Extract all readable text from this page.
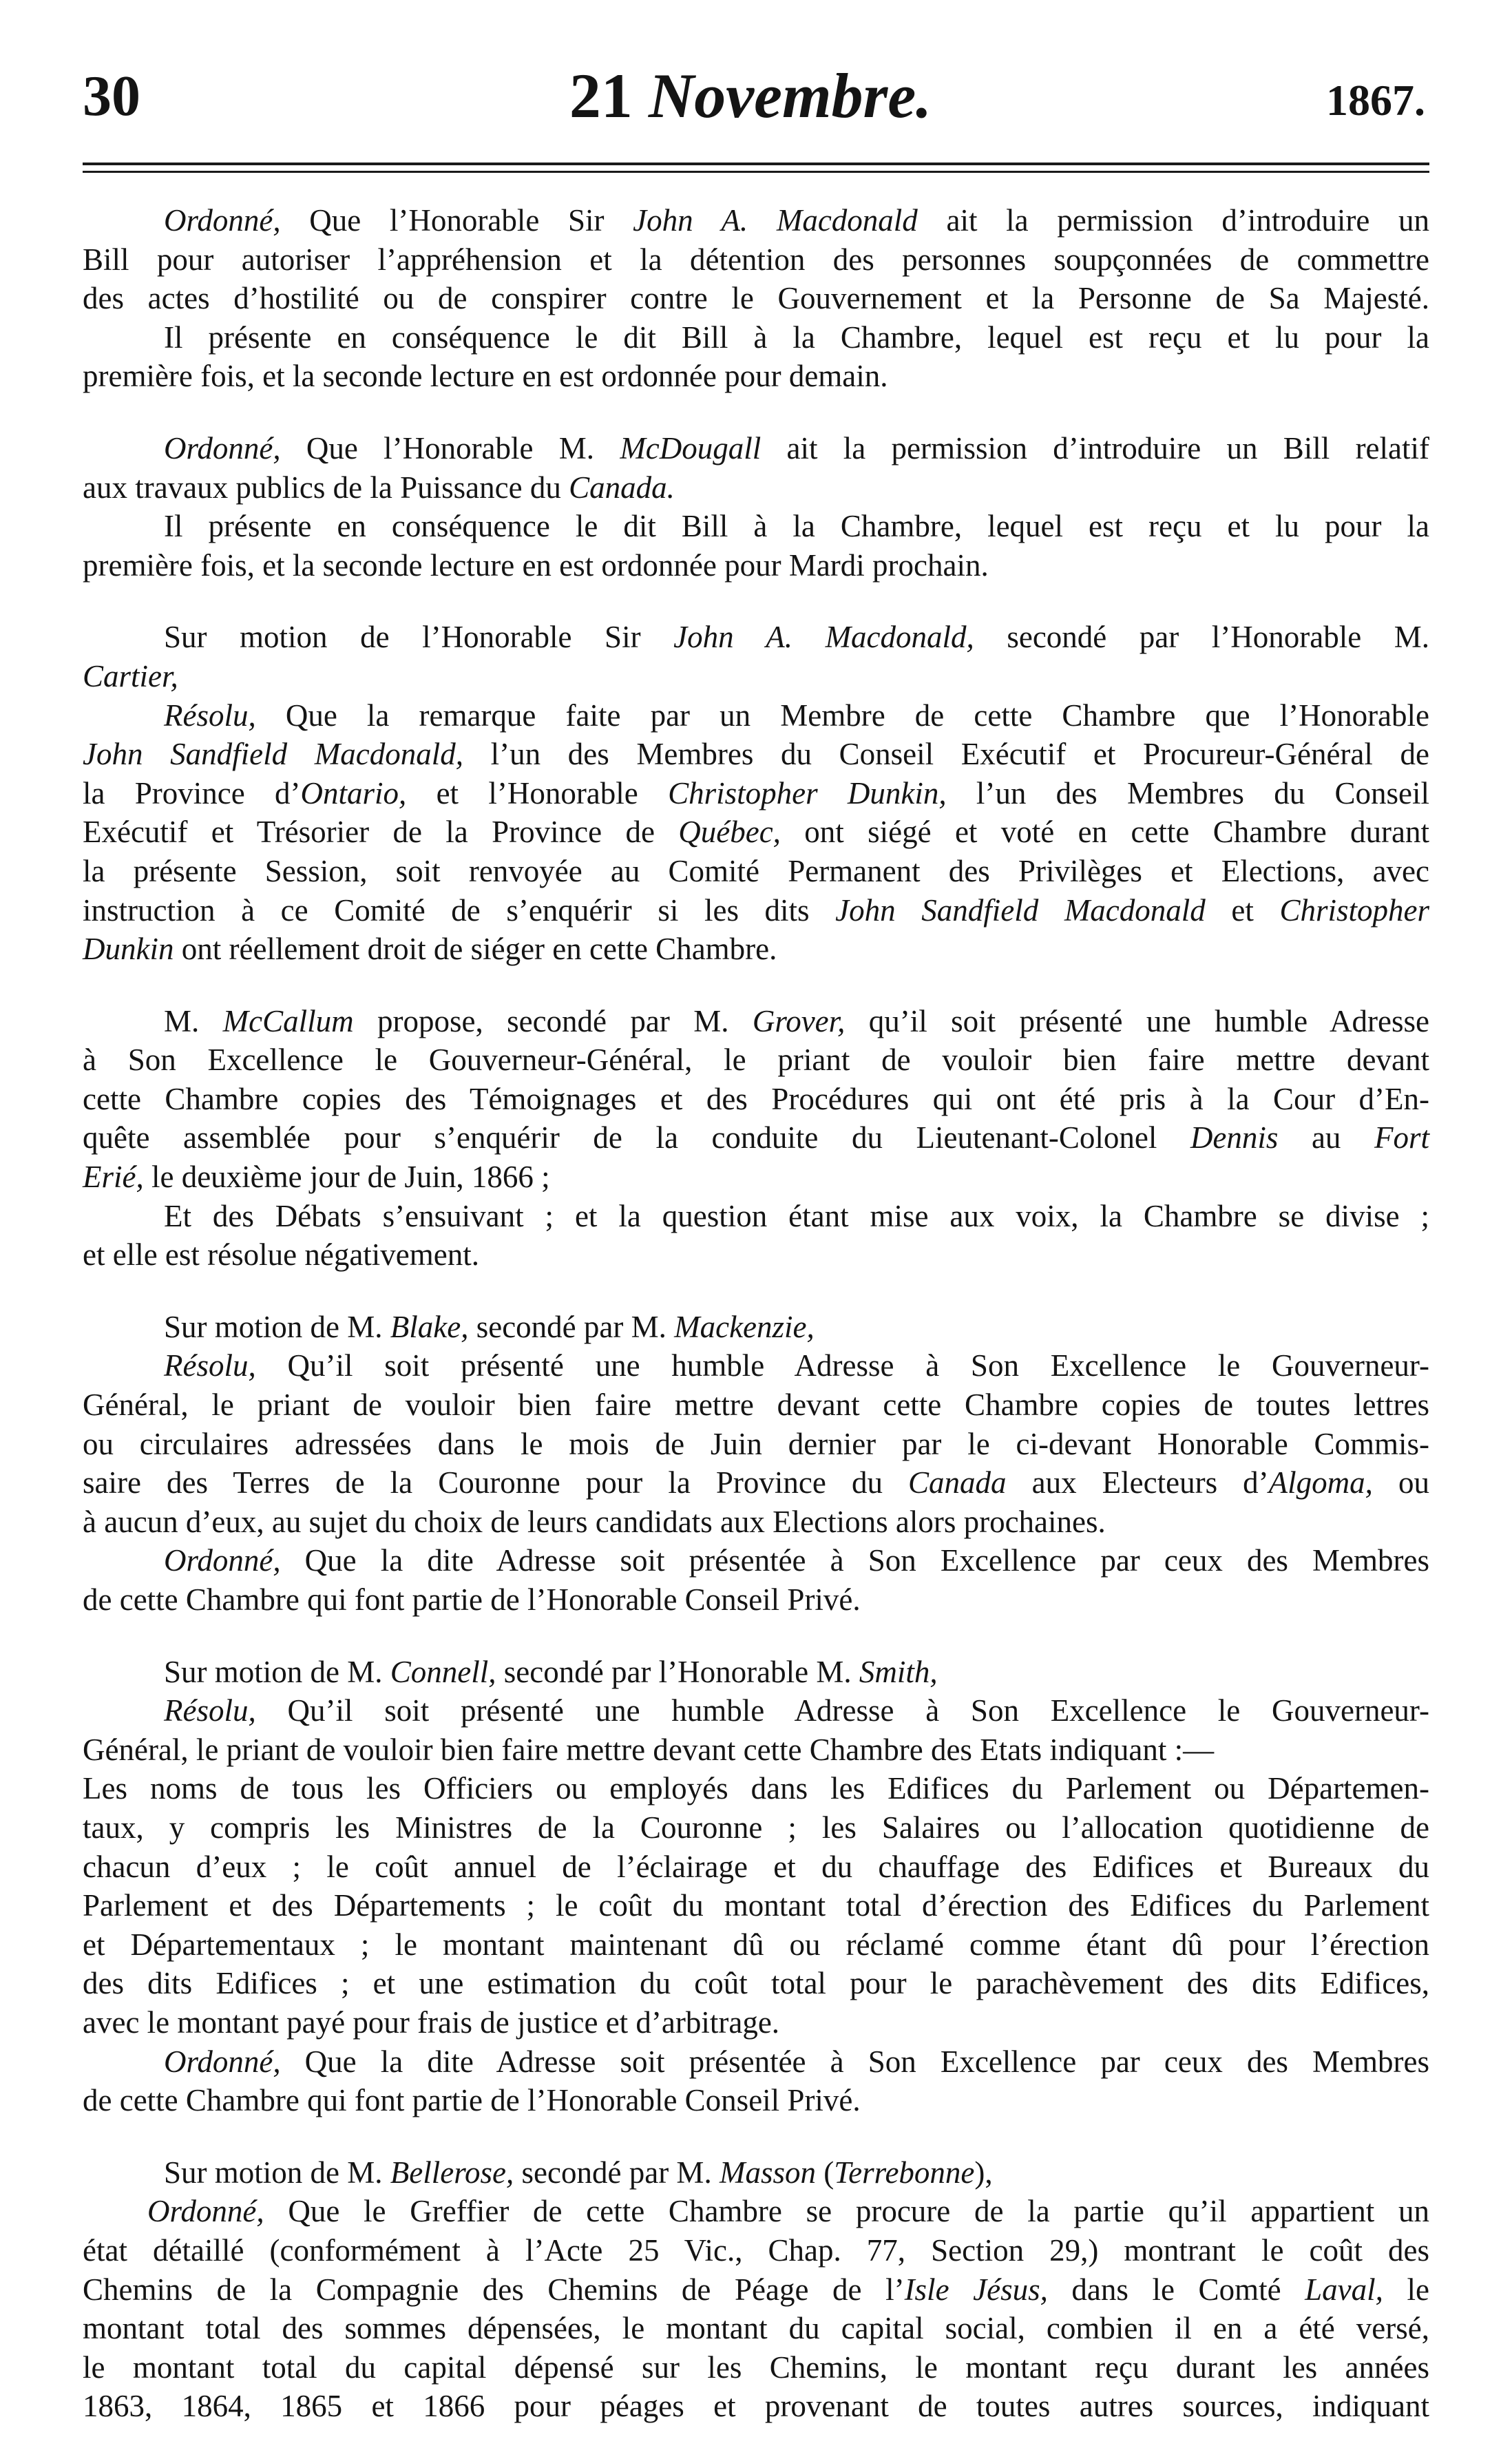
30	21 Novembre.	1867.
Ordonné, Que l’Honorable Sir John A. Macdonald ait la permission d’introduire un
Bill pour autoriser l’appréhension et la détention des personnes soupçonnées de commettre
des actes d’hostilité ou de conspirer contre le Gouvernement et la Personne de Sa Majesté.
Il présente en conséquence le dit Bill à la Chambre, lequel est reçu et lu pour la
première fois, et la seconde lecture en est ordonnée pour demain.
Ordonné, Que l’Honorable M. McDougall ait la permission d’introduire un Bill relatif
aux travaux publics de la Puissance du Canada.
Il présente en conséquence le dit Bill à la Chambre, lequel est reçu et lu pour la
première fois, et la seconde lecture en est ordonnée pour Mardi prochain.
Sur motion de l’Honorable Sir John A. Macdonald, secondé par l’Honorable M.
Cartier,
Résolu, Que la remarque faite par un Membre de cette Chambre que l’Honorable
John Sandfield Macdonald, l’un des Membres du Conseil Exécutif et Procureur-Général de
la Province d’Ontario, et l’Honorable Christopher Dunkin, l’un des Membres du Conseil
Exécutif et Trésorier de la Province de Québec, ont siégé et voté en cette Chambre durant
la présente Session, soit renvoyée au Comité Permanent des Privilèges et Elections, avec
instruction à ce Comité de s’enquérir si les dits John Sandfield Macdonald et Christopher
Dunkin ont réellement droit de siéger en cette Chambre.
M. McCallum propose, secondé par M. Grover, qu’il soit présenté une humble Adresse
à Son Excellence le Gouverneur-Général, le priant de vouloir bien faire mettre devant
cette Chambre copies des Témoignages et des Procédures qui ont été pris à la Cour d’En-
quête assemblée pour s’enquérir de la conduite du Lieutenant-Colonel Dennis au Fort
Erié, le deuxième jour de Juin, 1866 ;
Et des Débats s’ensuivant ; et la question étant mise aux voix, la Chambre se divise ;
et elle est résolue négativement.
Sur motion de M. Blake, secondé par M. Mackenzie,
Résolu, Qu’il soit présenté une humble Adresse à Son Excellence le Gouverneur-
Général, le priant de vouloir bien faire mettre devant cette Chambre copies de toutes lettres
ou circulaires adressées dans le mois de Juin dernier par le ci-devant Honorable Commis-
saire des Terres de la Couronne pour la Province du Canada aux Electeurs d’Algoma, ou
à aucun d’eux, au sujet du choix de leurs candidats aux Elections alors prochaines.
Ordonné, Que la dite Adresse soit présentée à Son Excellence par ceux des Membres
de cette Chambre qui font partie de l’Honorable Conseil Privé.
Sur motion de M. Connell, secondé par l’Honorable M. Smith,
Résolu, Qu’il soit présenté une humble Adresse à Son Excellence le Gouverneur-
Général, le priant de vouloir bien faire mettre devant cette Chambre des Etats indiquant :—
Les noms de tous les Officiers ou employés dans les Edifices du Parlement ou Départemen-
taux, y compris les Ministres de la Couronne ; les Salaires ou l’allocation quotidienne de
chacun d’eux ; le coût annuel de l’éclairage et du chauffage des Edifices et Bureaux du
Parlement et des Départements ; le coût du montant total d’érection des Edifices du Parlement
et Départementaux ; le montant maintenant dû ou réclamé comme étant dû pour l’érection
des dits Edifices ; et une estimation du coût total pour le parachèvement des dits Edifices,
avec le montant payé pour frais de justice et d’arbitrage.
Ordonné, Que la dite Adresse soit présentée à Son Excellence par ceux des Membres
de cette Chambre qui font partie de l’Honorable Conseil Privé.
Sur motion de M. Bellerose, secondé par M. Masson (Terrebonne),
Ordonné, Que le Greffier de cette Chambre se procure de la partie qu’il appartient un
état détaillé (conformément à l’Acte 25 Vic., Chap. 77, Section 29,) montrant le coût des
Chemins de la Compagnie des Chemins de Péage de l’Isle Jésus, dans le Comté Laval, le
montant total des sommes dépensées, le montant du capital social, combien il en a été versé,
le montant total du capital dépensé sur les Chemins, le montant reçu durant les années
1863, 1864, 1865 et 1866 pour péages et provenant de toutes autres sources, indiquant
